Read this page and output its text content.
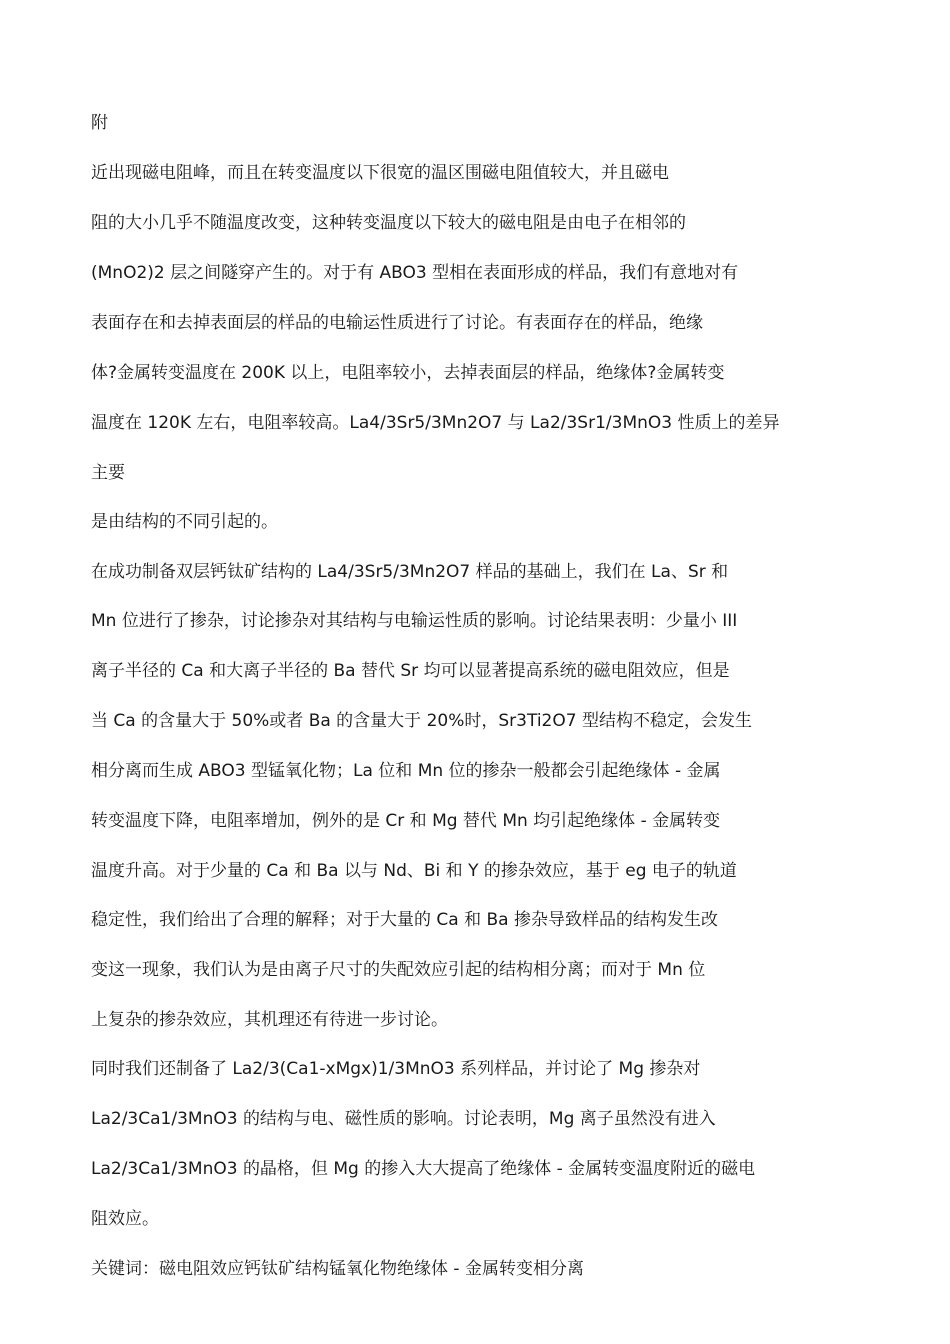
附

近出现磁电阻峰，而且在转变温度以下很宽的温区围磁电阻值较大，并且磁电

阻的大小几乎不随温度改变，这种转变温度以下较大的磁电阻是由电子在相邻的

(MnO2)2 层之间隧穿产生的。对于有 ABO3 型相在表面形成的样品，我们有意地对有

表面存在和去掉表面层的样品的电输运性质进行了讨论。有表面存在的样品，绝缘

体?金属转变温度在 200K 以上，电阻率较小，去掉表面层的样品，绝缘体?金属转变

温度在 120K 左右，电阻率较高。La4/3Sr5/3Mn2O7 与 La2/3Sr1/3MnO3 性质上的差异

主要

是由结构的不同引起的。

在成功制备双层钙钛矿结构的 La4/3Sr5/3Mn2O7 样品的基础上，我们在 La、Sr 和

Mn 位进行了掺杂，讨论掺杂对其结构与电输运性质的影响。讨论结果表明：少量小 III

离子半径的 Ca 和大离子半径的 Ba 替代 Sr 均可以显著提高系统的磁电阻效应，但是

当 Ca 的含量大于 50%或者 Ba 的含量大于 20%时，Sr3Ti2O7 型结构不稳定，会发生

相分离而生成 ABO3 型锰氧化物；La 位和 Mn 位的掺杂一般都会引起绝缘体 - 金属

转变温度下降，电阻率增加，例外的是 Cr 和 Mg 替代 Mn 均引起绝缘体 - 金属转变

温度升高。对于少量的 Ca 和 Ba 以与 Nd、Bi 和 Y 的掺杂效应，基于 eg 电子的轨道

稳定性，我们给出了合理的解释；对于大量的 Ca 和 Ba 掺杂导致样品的结构发生改

变这一现象，我们认为是由离子尺寸的失配效应引起的结构相分离；而对于 Mn 位

上复杂的掺杂效应，其机理还有待进一步讨论。

同时我们还制备了 La2/3(Ca1-xMgx)1/3MnO3 系列样品，并讨论了 Mg 掺杂对

La2/3Ca1/3MnO3 的结构与电、磁性质的影响。讨论表明，Mg 离子虽然没有进入

La2/3Ca1/3MnO3 的晶格，但 Mg 的掺入大大提高了绝缘体 - 金属转变温度附近的磁电

阻效应。

关键词：磁电阻效应钙钛矿结构锰氧化物绝缘体 - 金属转变相分离
